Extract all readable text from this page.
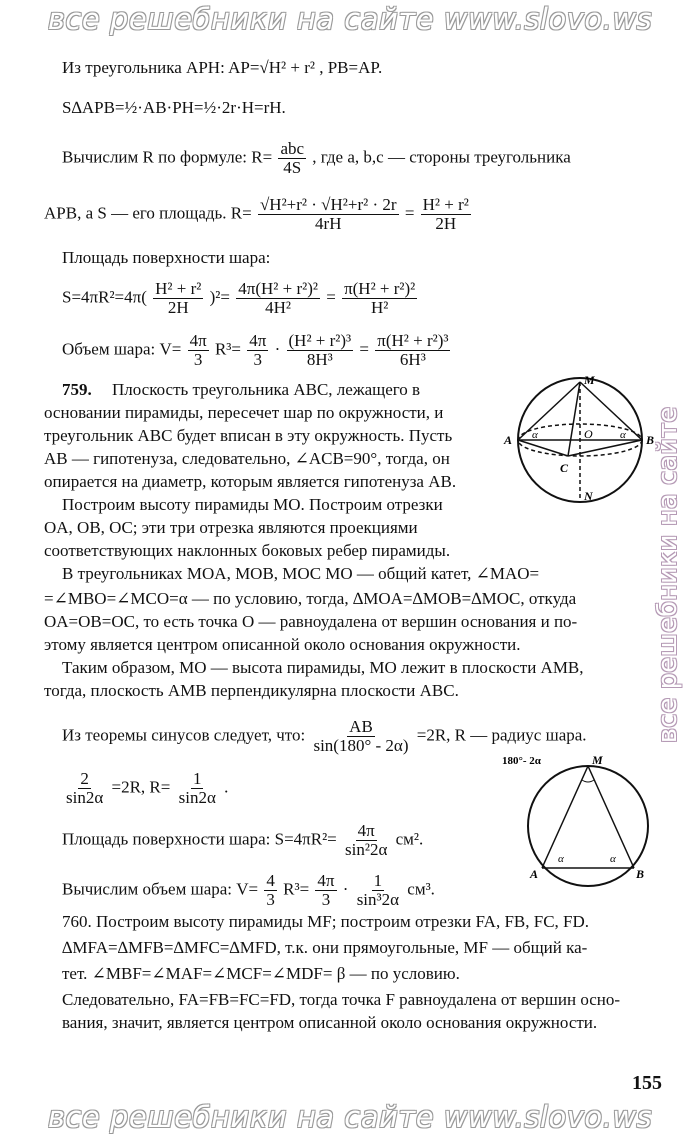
все решебники на сайте www.slovo.ws
все решебники на сайте www.slovo.ws
все решебники на сайте
Из треугольника APH: AP=√H² + r² , PB=AP.
S∆APB=½·AB·PH=½·2r·H=rH.
Вычислим R по формуле: $R= \frac{\text{abc}}{4S}$ , где a, b,c — стороны треугольника
APB, a S — его площадь. $R= \frac{\text{√H²+r² · √H²+r² · 2r}}{4rH} = \frac{\text{H² + r²}}{2H}$
Площадь поверхности шара:
$S=4\pi R^2=4\pi( \frac{\text{H² + r²}}{2H} )^2= \frac{\text{4π(H² + r²)²}}{\text{4H²}} = \frac{\text{π(H² + r²)²}}{\text{H²}}$
Объем шара: $V= \frac{4\pi}{3} R^3= \frac{4\pi}{3} \cdot \frac{\text{(H² + r²)³}}{\text{8H³}} = \frac{\text{π(H² + r²)³}}{\text{6H³}}$
759. Плоскость треугольника ABC, лежащего в
основании пирамиды, пересечет шар по окружности, и
треугольник ABC будет вписан в эту окружность. Пусть
AB — гипотенуза, следовательно, ∠ACB=90°, тогда, он
опирается на диаметр, которым является гипотенуза AB.
Построим высоту пирамиды MO. Построим отрезки
OA, OB, OC; эти три отрезка являются проекциями
соответствующих наклонных боковых ребер пирамиды.
В треугольниках MOA, MOB, MOC MO — общий катет, ∠MAO=
=∠MBO=∠MCO=α — по условию, тогда, ∆MOA=∆MOB=∆MOC, откуда
OA=OB=OC, то есть точка O — равноудалена от вершин основания и по-
этому является центром описанной около основания окружности.
Таким образом, MO — высота пирамиды, MO лежит в плоскости AMB,
тогда, плоскость AMB перпендикулярна плоскости ABC.
Из теоремы синусов следует, что: $\frac{AB}{\sin(180^\circ - 2\alpha)} =2R$, R — радиус шара.
$\frac{2}{\sin 2\alpha} =2R$, $R= \frac{1}{\sin 2\alpha}$ .
Площадь поверхности шара: $S=4\pi R^2= \frac{4\pi}{\text{sin²2α}} см^2$.
Вычислим объем шара: $V= \frac{4}{3} R^3= \frac{4\pi}{3} \cdot \frac{1}{\text{sin³2α}} см^3$.
760. Построим высоту пирамиды MF; построим отрезки FA, FB, FC, FD.
∆MFA=∆MFB=∆MFC=∆MFD, т.к. они прямоугольные, MF — общий ка-
тет. ∠MBF=∠MAF=∠MCF=∠MDF= β — по условию.
Следовательно, FA=FB=FC=FD, тогда точка F равноудалена от вершин осно-
вания, значит, является центром описанной около основания окружности.
M
O
A	B
C
N
α	α
180°- 2α	M
A	B
α	α
155
